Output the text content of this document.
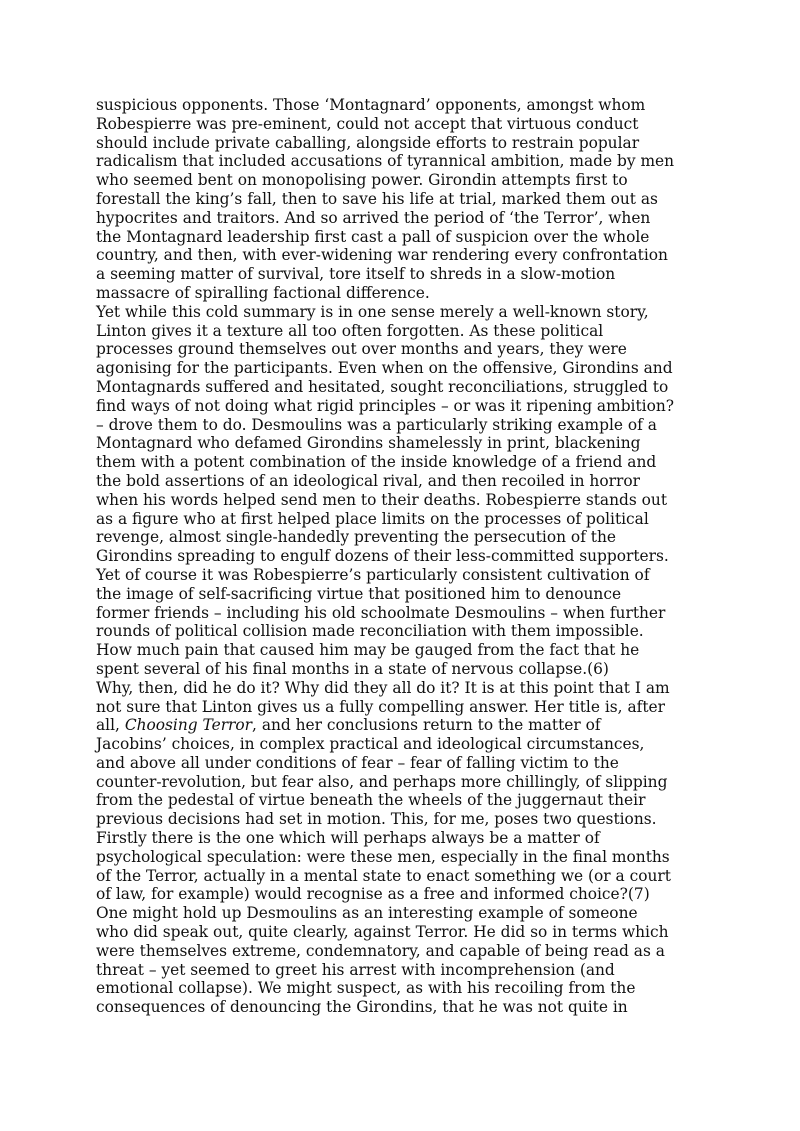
suspicious opponents. Those ‘Montagnard’ opponents, amongst whom
Robespierre was pre-eminent, could not accept that virtuous conduct
should include private caballing, alongside efforts to restrain popular
radicalism that included accusations of tyrannical ambition, made by men
who seemed bent on monopolising power. Girondin attempts first to
forestall the king’s fall, then to save his life at trial, marked them out as
hypocrites and traitors. And so arrived the period of ‘the Terror’, when
the Montagnard leadership first cast a pall of suspicion over the whole
country, and then, with ever-widening war rendering every confrontation
a seeming matter of survival, tore itself to shreds in a slow-motion
massacre of spiralling factional difference.
Yet while this cold summary is in one sense merely a well-known story,
Linton gives it a texture all too often forgotten. As these political
processes ground themselves out over months and years, they were
agonising for the participants. Even when on the offensive, Girondins and
Montagnards suffered and hesitated, sought reconciliations, struggled to
find ways of not doing what rigid principles – or was it ripening ambition?
– drove them to do. Desmoulins was a particularly striking example of a
Montagnard who defamed Girondins shamelessly in print, blackening
them with a potent combination of the inside knowledge of a friend and
the bold assertions of an ideological rival, and then recoiled in horror
when his words helped send men to their deaths. Robespierre stands out
as a figure who at first helped place limits on the processes of political
revenge, almost single-handedly preventing the persecution of the
Girondins spreading to engulf dozens of their less-committed supporters.
Yet of course it was Robespierre’s particularly consistent cultivation of
the image of self-sacrificing virtue that positioned him to denounce
former friends – including his old schoolmate Desmoulins – when further
rounds of political collision made reconciliation with them impossible.
How much pain that caused him may be gauged from the fact that he
spent several of his final months in a state of nervous collapse.(6)
Why, then, did he do it? Why did they all do it? It is at this point that I am
not sure that Linton gives us a fully compelling answer. Her title is, after
all, Choosing Terror, and her conclusions return to the matter of
Jacobins’ choices, in complex practical and ideological circumstances,
and above all under conditions of fear – fear of falling victim to the
counter-revolution, but fear also, and perhaps more chillingly, of slipping
from the pedestal of virtue beneath the wheels of the juggernaut their
previous decisions had set in motion. This, for me, poses two questions.
Firstly there is the one which will perhaps always be a matter of
psychological speculation: were these men, especially in the final months
of the Terror, actually in a mental state to enact something we (or a court
of law, for example) would recognise as a free and informed choice?(7)
One might hold up Desmoulins as an interesting example of someone
who did speak out, quite clearly, against Terror. He did so in terms which
were themselves extreme, condemnatory, and capable of being read as a
threat – yet seemed to greet his arrest with incomprehension (and
emotional collapse). We might suspect, as with his recoiling from the
consequences of denouncing the Girondins, that he was not quite in
